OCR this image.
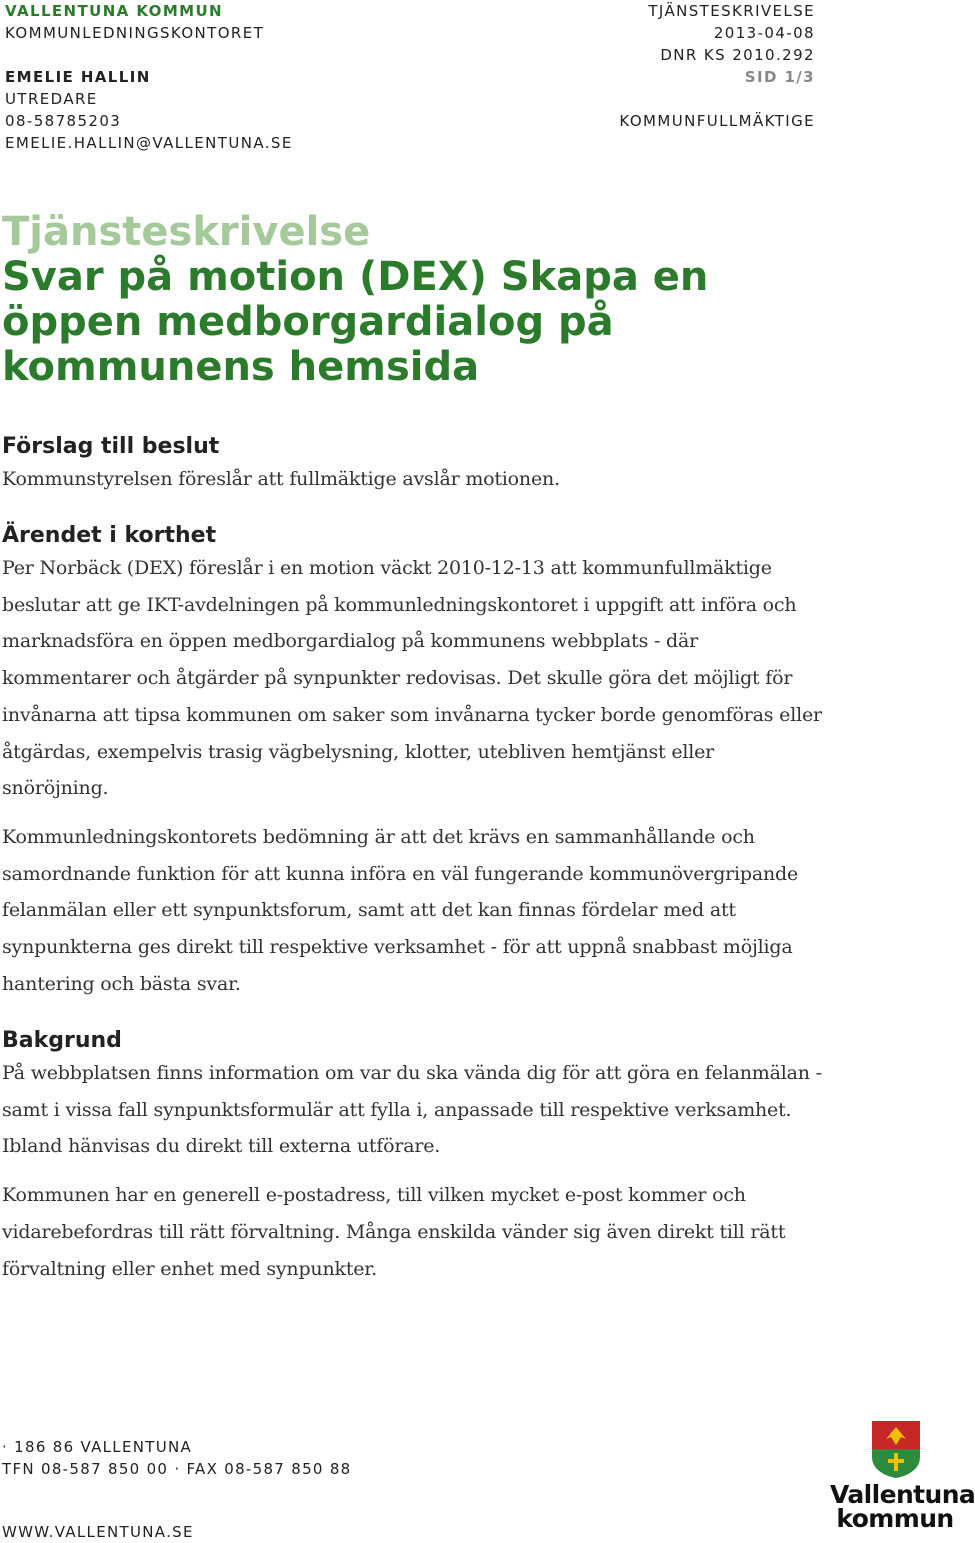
VALLENTUNA KOMMUN
KOMMUNLEDNINGSKONTORET
EMELIE HALLIN
UTREDARE
08-58785203
EMELIE.HALLIN@VALLENTUNA.SE
TJÄNSTESKRIVELSE
2013-04-08
DNR KS 2010.292
SID 1/3
KOMMUNFULLMÄKTIGE
Tjänsteskrivelse
Svar på motion (DEX) Skapa en öppen medborgardialog på kommunens hemsida
Förslag till beslut

Kommunstyrelsen föreslår att fullmäktige avslår motionen.

Ärendet i korthet

Per Norbäck (DEX) föreslår i en motion väckt 2010-12-13 att kommunfullmäktige beslutar att ge IKT-avdelningen på kommunledningskontoret i uppgift att införa och marknadsföra en öppen medborgardialog på kommunens webbplats - där kommentarer och åtgärder på synpunkter redovisas. Det skulle göra det möjligt för invånarna att tipsa kommunen om saker som invånarna tycker borde genomföras eller åtgärdas, exempelvis trasig vägbelysning, klotter, utebliven hemtjänst eller snöröjning.

Kommunledningskontorets bedömning är att det krävs en sammanhållande och samordnande funktion för att kunna införa en väl fungerande kommunövergripande felanmälan eller ett synpunktsforum, samt att det kan finnas fördelar med att synpunkterna ges direkt till respektive verksamhet - för att uppnå snabbast möjliga hantering och bästa svar.

Bakgrund

På webbplatsen finns information om var du ska vända dig för att göra en felanmälan - samt i vissa fall synpunktsformulär att fylla i, anpassade till respektive verksamhet. Ibland hänvisas du direkt till externa utförare.

Kommunen har en generell e-postadress, till vilken mycket e-post kommer och vidarebefordras till rätt förvaltning. Många enskilda vänder sig även direkt till rätt förvaltning eller enhet med synpunkter.

· 186 86 VALLENTUNA
TFN 08-587 850 00 · FAX 08-587 850 88
WWW.VALLENTUNA.SE
Vallentuna
kommun
